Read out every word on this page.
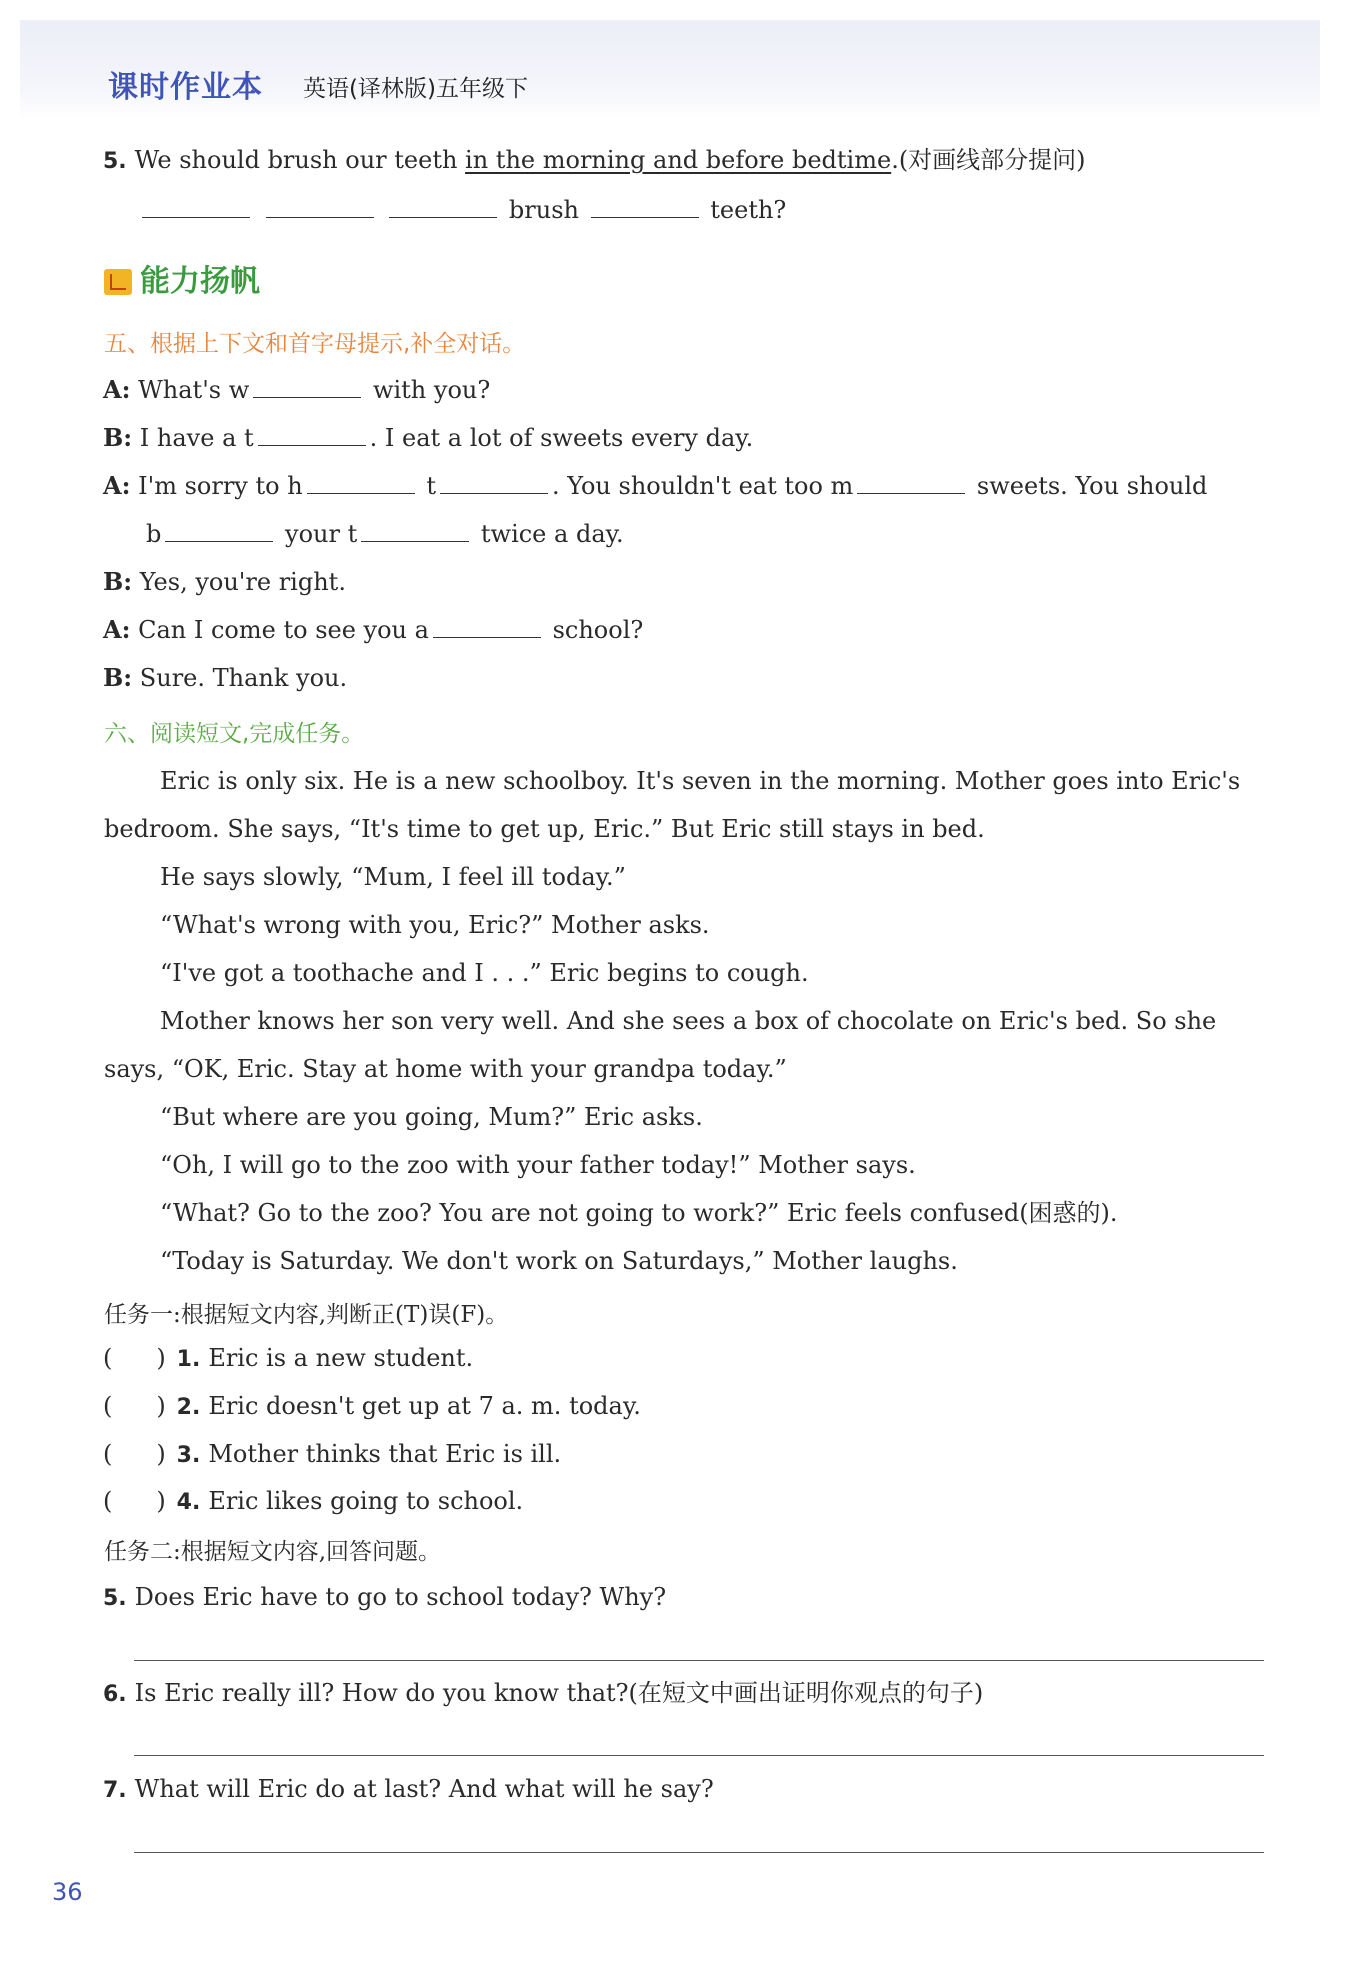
课时作业本 英语(译林版)五年级下
5. We should brush our teeth in the morning and before bedtime.(对画线部分提问)
brush	teeth?
能力扬帆
五、根据上下文和首字母提示,补全对话。
A: What's w	with you?
B: I have a t	. I eat a lot of sweets every day.
A: I'm sorry to h	t	. You shouldn't eat too m	sweets. You should
b	your t	twice a day.
B: Yes, you're right.
A: Can I come to see you a	school?
B: Sure. Thank you.
六、阅读短文,完成任务。
Eric is only six. He is a new schoolboy. It's seven in the morning. Mother goes into Eric's bedroom. She says, “It's time to get up, Eric.” But Eric still stays in bed.
He says slowly, “Mum, I feel ill today.”
“What's wrong with you, Eric?” Mother asks.
“I've got a toothache and I . . .” Eric begins to cough.
Mother knows her son very well. And she sees a box of chocolate on Eric's bed. So she says, “OK, Eric. Stay at home with your grandpa today.”
“But where are you going, Mum?” Eric asks.
“Oh, I will go to the zoo with your father today!” Mother says.
“What? Go to the zoo? You are not going to work?” Eric feels confused(困惑的).
“Today is Saturday. We don't work on Saturdays,” Mother laughs.
任务一:根据短文内容,判断正(T)误(F)。
( ) 1. Eric is a new student.
( ) 2. Eric doesn't get up at 7 a. m. today.
( ) 3. Mother thinks that Eric is ill.
( ) 4. Eric likes going to school.
任务二:根据短文内容,回答问题。
5. Does Eric have to go to school today? Why?
6. Is Eric really ill? How do you know that?(在短文中画出证明你观点的句子)
7. What will Eric do at last? And what will he say?
36
